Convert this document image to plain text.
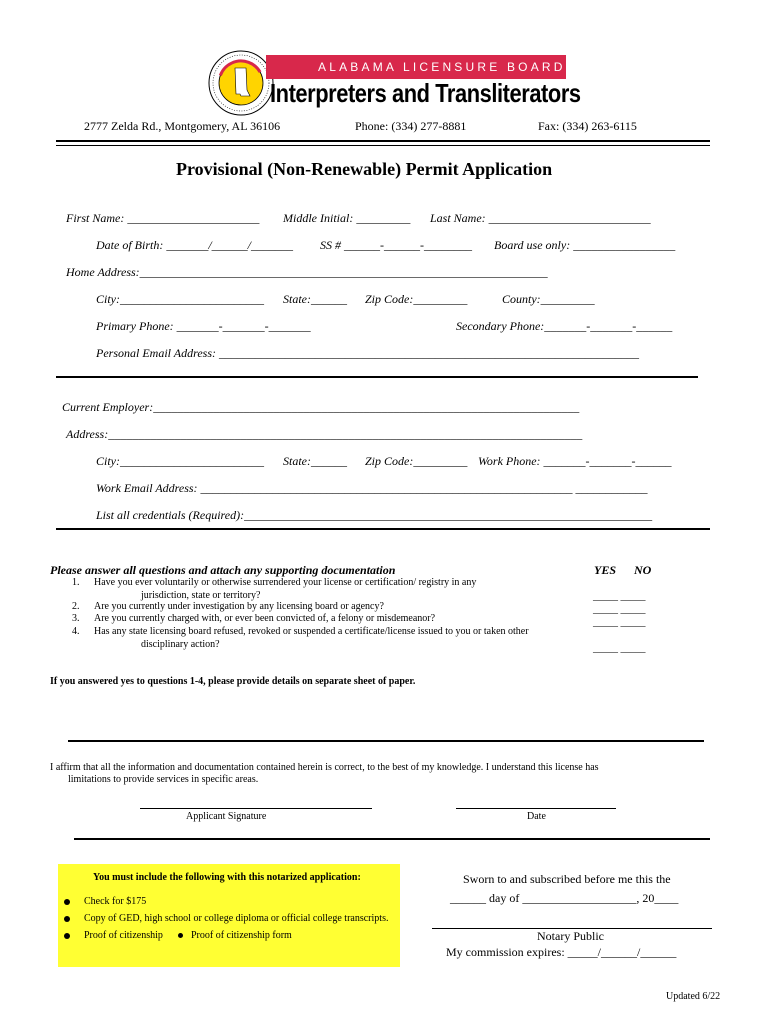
ALABAMA LICENSURE BOARD FOR
Interpreters and Transliterators
2777 Zelda Rd., Montgomery, AL 36106	Phone: (334) 277-8881	Fax: (334) 263-6115
Provisional (Non-Renewable) Permit Application
First Name: ______________________ Middle Initial: _________ Last Name: ___________________________
Date of Birth: _______/______/_______ SS # ______-______-________ Board use only: _________________
Home Address:____________________________________________________________________
City:________________________ State:______ Zip Code:_________	County:_________
Primary Phone: _______-_______-_______	Secondary Phone:_______-_______-______
Personal Email Address: ______________________________________________________________________
Current Employer:_______________________________________________________________________
Address:_______________________________________________________________________________
City:________________________ State:______ Zip Code:_________ Work Phone: _______-_______-______
Work Email Address: ______________________________________________________________ ____________
List all credentials (Required):____________________________________________________________________
Please answer all questions and attach any supporting documentation	YES NO
1. Have you ever voluntarily or otherwise surrendered your license or certification/ registry in any
jurisdiction, state or territory?	_____ _____
2. Are you currently under investigation by any licensing board or agency?	_____ _____
3. Are you currently charged with, or ever been convicted of, a felony or misdemeanor?	_____ _____
4. Has any state licensing board refused, revoked or suspended a certificate/license issued to you or taken other
disciplinary action?	_____ _____
If you answered yes to questions 1-4, please provide details on separate sheet of paper.
I affirm that all the information and documentation contained herein is correct, to the best of my knowledge. I understand this license has
limitations to provide services in specific areas.
Applicant Signature	Date
You must include the following with this notarized application:
Check for $175
Copy of GED, high school or college diploma or official college transcripts.
Proof of citizenship	Proof of citizenship form
Sworn to and subscribed before me this the
______ day of ___________________, 20____
Notary Public
My commission expires: _____/______/______
Updated 6/22
